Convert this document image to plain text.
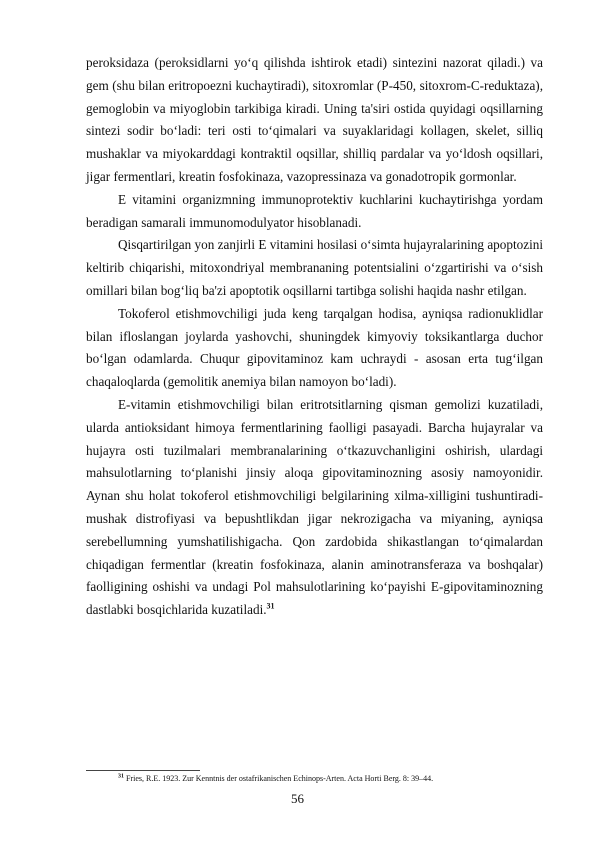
peroksidaza (peroksidlarni yo‘q qilishda ishtirok etadi) sintezini nazorat qiladi.) va gem (shu bilan eritropoezni kuchaytiradi), sitoxromlar (P-450, sitoxrom-C-reduktaza), gemoglobin va miyoglobin tarkibiga kiradi. Uning ta'siri ostida quyidagi oqsillarning sintezi sodir bo‘ladi: teri osti to‘qimalari va suyaklaridagi kollagen, skelet, silliq mushaklar va miyokarddagi kontraktil oqsillar, shilliq pardalar va yo‘ldosh oqsillari, jigar fermentlari, kreatin fosfokinaza, vazopressinaza va gonadotropik gormonlar.

E vitamini organizmning immunoprotektiv kuchlarini kuchaytirishga yordam beradigan samarali immunomodulyator hisoblanadi.

Qisqartirilgan yon zanjirli E vitamini hosilasi o‘simta hujayralarining apoptozini keltirib chiqarishi, mitoxondriyal membrananing potentsialini o‘zgartirishi va o‘sish omillari bilan bog‘liq ba'zi apoptotik oqsillarni tartibga solishi haqida nashr etilgan.

Tokoferol etishmovchiligi juda keng tarqalgan hodisa, ayniqsa radionuklidlar bilan ifloslangan joylarda yashovchi, shuningdek kimyoviy toksikantlarga duchor bo‘lgan odamlarda. Chuqur gipovitaminoz kam uchraydi - asosan erta tug‘ilgan chaqaloqlarda (gemolitik anemiya bilan namoyon bo‘ladi).

E-vitamin etishmovchiligi bilan eritrotsitlarning qisman gemolizi kuzatiladi, ularda antioksidant himoya fermentlarining faolligi pasayadi. Barcha hujayralar va hujayra osti tuzilmalari membranalarining o‘tkazuvchanligini oshirish, ulardagi mahsulotlarning to‘planishi jinsiy aloqa gipovitaminozning asosiy namoyonidir. Aynan shu holat tokoferol etishmovchiligi belgilarining xilma-xilligini tushuntiradi-mushak distrofiyasi va bepushtlikdan jigar nekrozigacha va miyaning, ayniqsa serebellumning yumshatilishigacha. Qon zardobida shikastlangan to‘qimalardan chiqadigan fermentlar (kreatin fosfokinaza, alanin aminotransferaza va boshqalar) faolligining oshishi va undagi Pol mahsulotlarining ko‘payishi E-gipovitaminozning dastlabki bosqichlarida kuzatiladi.$^{31}$

$^{31}$ Fries, R.E. 1923. Zur Kenntnis der ostafrikanischen Echinops-Arten. Acta Horti Berg. 8: 39–44.
56
